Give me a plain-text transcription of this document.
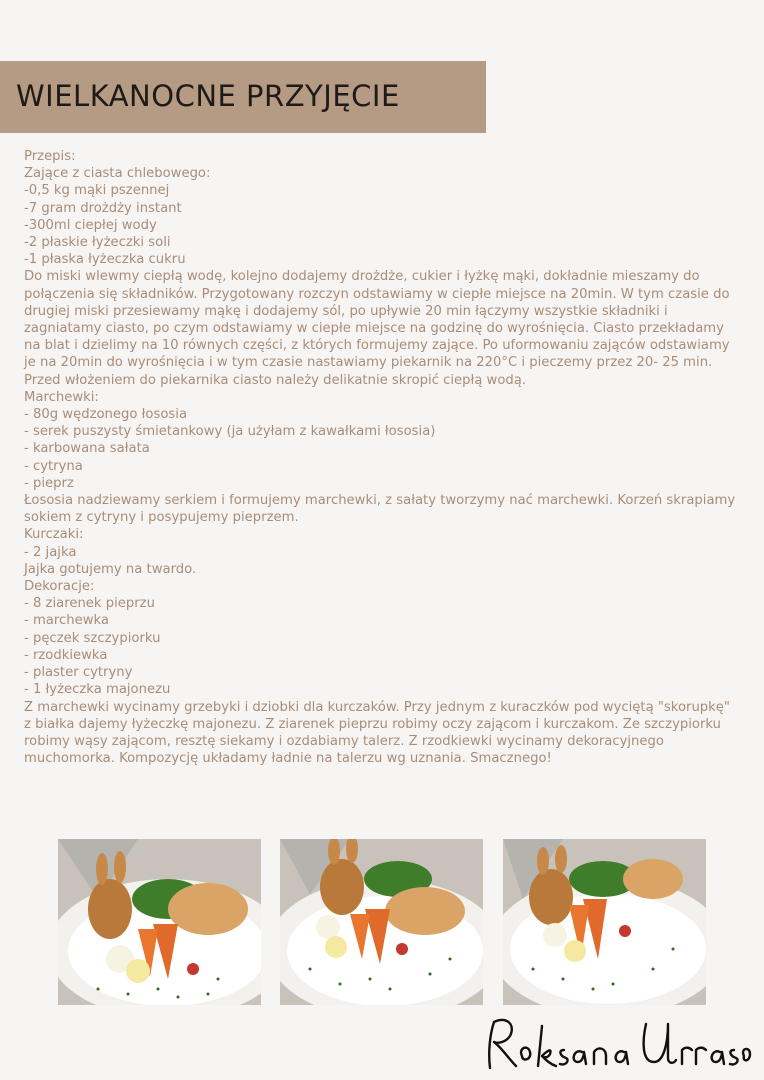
WIELKANOCNE PRZYJĘCIE
Przepis:
Zające z ciasta chlebowego:
-0,5 kg mąki pszennej
-7 gram drożdży instant
-300ml ciepłej wody
-2 płaskie łyżeczki soli
-1 płaska łyżeczka cukru
Do miski wlewmy ciepłą wodę, kolejno dodajemy drożdże, cukier i łyżkę mąki, dokładnie mieszamy do połączenia się składników. Przygotowany rozczyn odstawiamy w ciepłe miejsce na 20min. W tym czasie do drugiej miski przesiewamy mąkę i dodajemy sól, po upływie 20 min łączymy wszystkie składniki i zagniatamy ciasto, po czym odstawiamy w ciepłe miejsce na godzinę do wyrośnięcia. Ciasto przekładamy na blat i dzielimy na 10 równych części, z których formujemy zające. Po uformowaniu zająców odstawiamy je na 20min do wyrośnięcia i w tym czasie nastawiamy piekarnik na 220°C i pieczemy przez 20- 25 min. Przed włożeniem do piekarnika ciasto należy delikatnie skropić ciepłą wodą.
Marchewki:
- 80g wędzonego łososia
- serek puszysty śmietankowy (ja użyłam z kawałkami łososia)
- karbowana sałata
- cytryna
- pieprz
Łososia nadziewamy serkiem i formujemy marchewki, z sałaty tworzymy nać marchewki. Korzeń skrapiamy sokiem z cytryny i posypujemy pieprzem.
Kurczaki:
- 2 jajka
Jajka gotujemy na twardo.
Dekoracje:
- 8 ziarenek pieprzu
- marchewka
- pęczek szczypiorku
- rzodkiewka
- plaster cytryny
- 1 łyżeczka majonezu
Z marchewki wycinamy grzebyki i dziobki dla kurczaków. Przy jednym z kuraczków pod wyciętą "skorupkę"
z białka dajemy łyżeczkę majonezu. Z ziarenek pieprzu robimy oczy zającom i kurczakom. Ze szczypiorku robimy wąsy zającom, resztę siekamy i ozdabiamy talerz. Z rzodkiewki wycinamy dekoracyjnego muchomorka. Kompozycję układamy ładnie na talerzu wg uznania. Smacznego!
